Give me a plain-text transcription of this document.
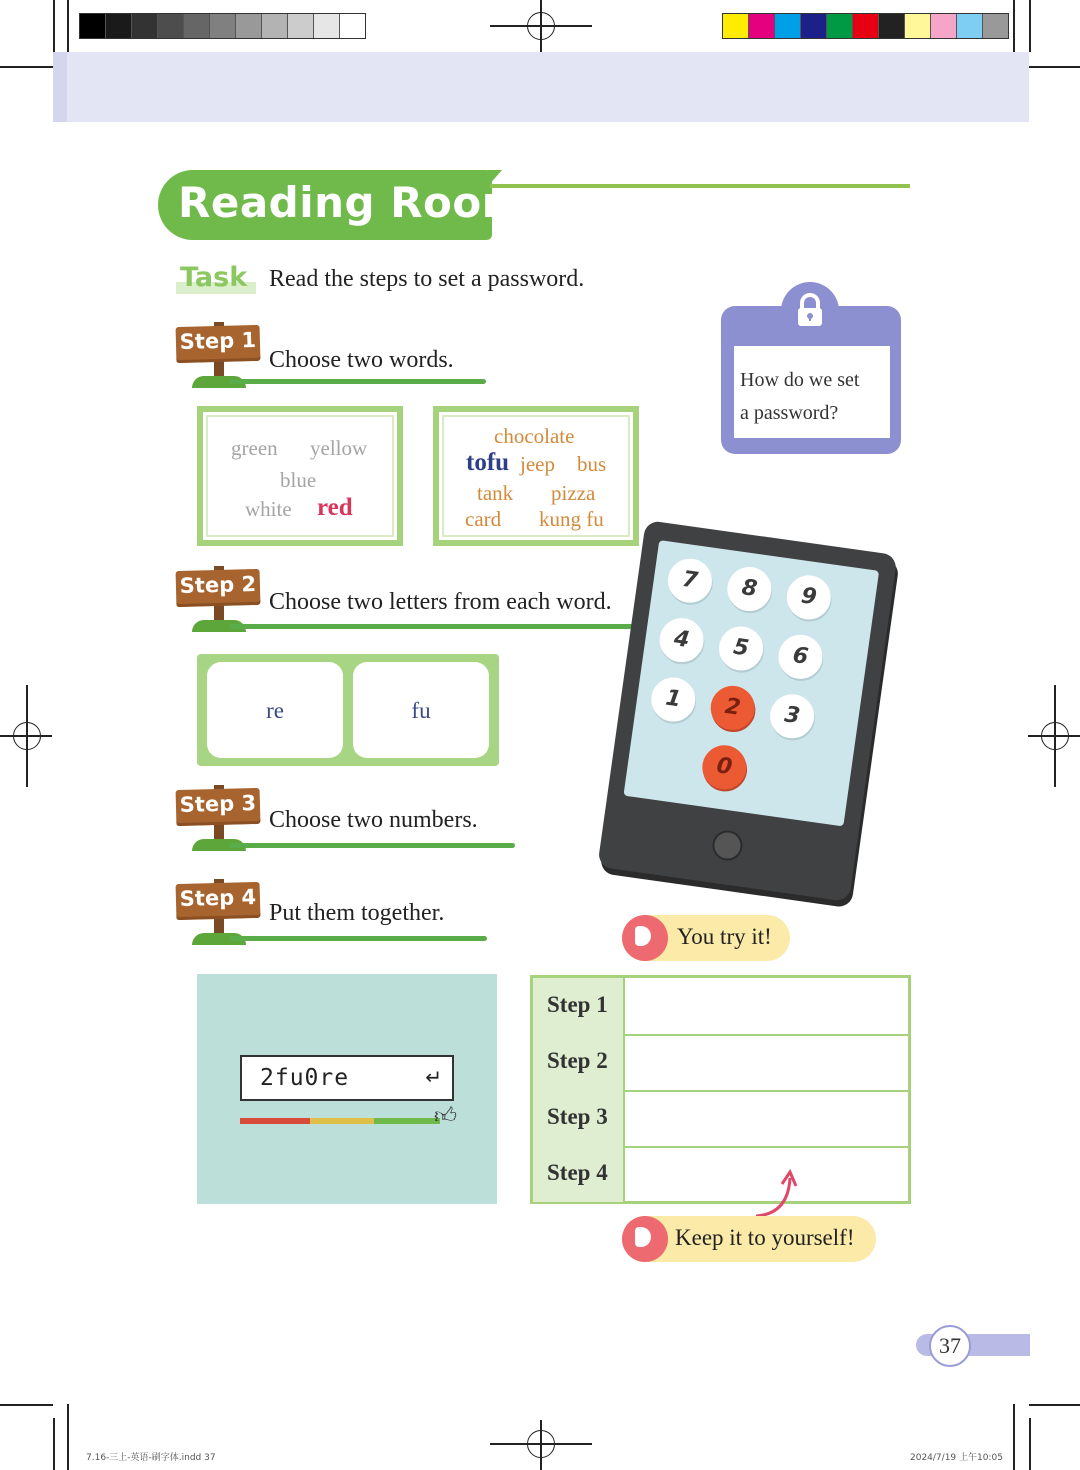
Reading Room
Task Read the steps to set a password.
Step 1
Choose two words.
green yellow
blue
white red
chocolate
tofu jeep bus
tank pizza
card kung fu
Step 2
Choose two letters from each word.
re	fu
Step 3
Choose two numbers.
Step 4
Put them together.
How do we set
a password?
7	8	9
4	5	6
1	2	3
0
2fu0re	↵
👍︎
You try it!
Step 1
Step 2
Step 3
Step 4
Keep it to yourself!
37
7.16-三上-英语-刷字体.indd 37	2024/7/19 上午10:05
